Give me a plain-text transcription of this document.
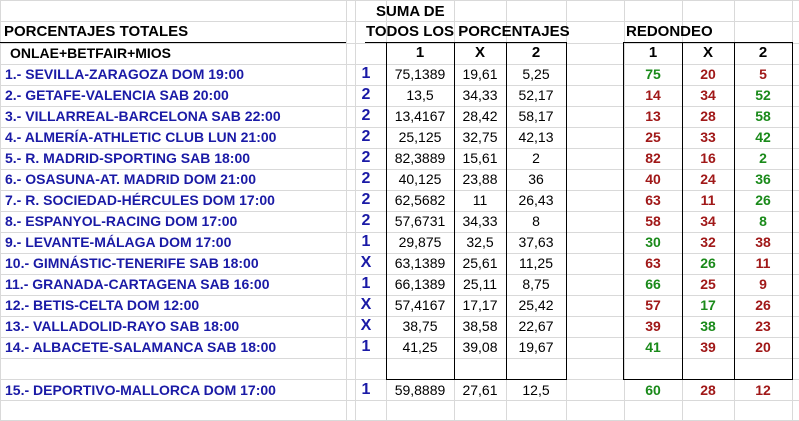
SUMA DE
PORCENTAJES TOTALES	TODOS LOS PORCENTAJES	REDONDEO
ONLAE+BETFAIR+MIOS	1	X	2	1	X	2
1.- SEVILLA-ZARAGOZA DOM 19:00	1	75,1389	19,61	5,25	75	20	5
2.- GETAFE-VALENCIA SAB 20:00	2	13,5	34,33	52,17	14	34	52
3.- VILLARREAL-BARCELONA SAB 22:00	2	13,4167	28,42	58,17	13	28	58
4.- ALMERÍA-ATHLETIC CLUB LUN 21:00	2	25,125	32,75	42,13	25	33	42
5.- R. MADRID-SPORTING SAB 18:00	2	82,3889	15,61	2	82	16	2
6.- OSASUNA-AT. MADRID DOM 21:00	2	40,125	23,88	36	40	24	36
7.- R. SOCIEDAD-HÉRCULES DOM 17:00	2	62,5682	11	26,43	63	11	26
8.- ESPANYOL-RACING DOM 17:00	2	57,6731	34,33	8	58	34	8
9.- LEVANTE-MÁLAGA DOM 17:00	1	29,875	32,5	37,63	30	32	38
10.- GIMNÁSTIC-TENERIFE SAB 18:00	X	63,1389	25,61	11,25	63	26	11
11.- GRANADA-CARTAGENA SAB 16:00	1	66,1389	25,11	8,75	66	25	9
12.- BETIS-CELTA DOM 12:00	X	57,4167	17,17	25,42	57	17	26
13.- VALLADOLID-RAYO SAB 18:00	X	38,75	38,58	22,67	39	38	23
14.- ALBACETE-SALAMANCA SAB 18:00	1	41,25	39,08	19,67	41	39	20
15.- DEPORTIVO-MALLORCA DOM 17:00	1	59,8889	27,61	12,5	60	28	12
